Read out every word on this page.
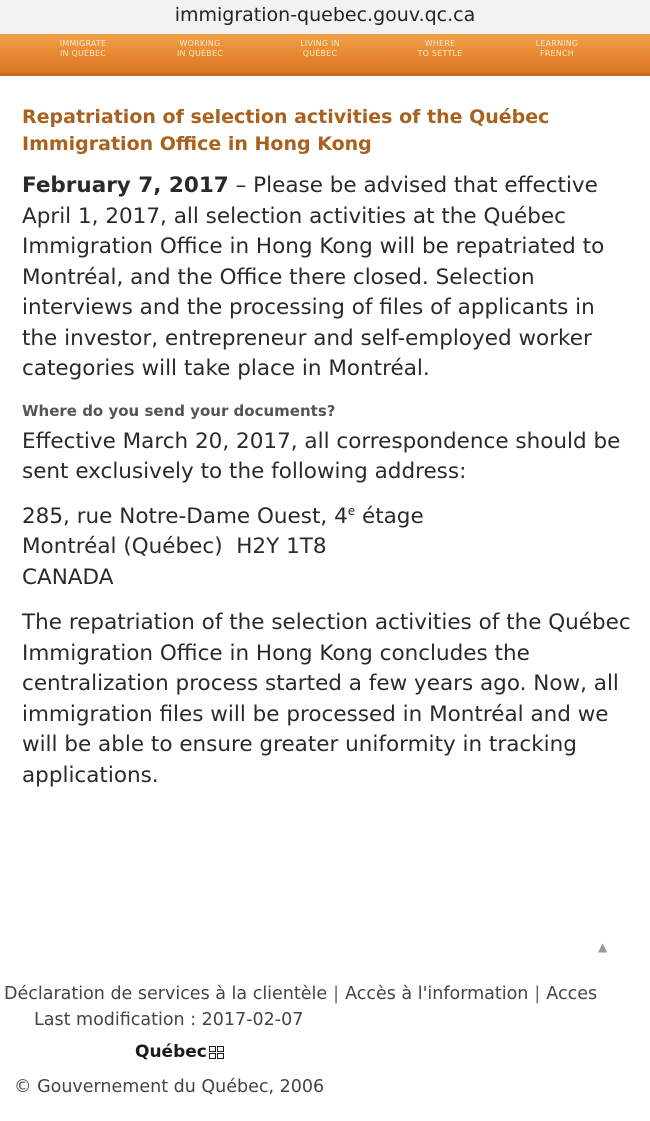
immigration-quebec.gouv.qc.ca
IMMIGRATE
IN QUÉBEC
WORKING
IN QUÉBEC
LIVING IN
QUÉBEC
WHERE
TO SETTLE
LEARNING
FRENCH
Repatriation of selection activities of the Québec Immigration Office in Hong Kong

February 7, 2017 – Please be advised that effective April 1, 2017, all selection activities at the Québec Immigration Office in Hong Kong will be repatriated to Montréal, and the Office there closed. Selection interviews and the processing of files of applicants in the investor, entrepreneur and self-employed worker categories will take place in Montréal.

Where do you send your documents?

Effective March 20, 2017, all correspondence should be sent exclusively to the following address:

285, rue Notre-Dame Ouest, 4e étage
Montréal (Québec)  H2Y 1T8
CANADA

The repatriation of the selection activities of the Québec Immigration Office in Hong Kong concludes the centralization process started a few years ago. Now, all immigration files will be processed in Montréal and we will be able to ensure greater uniformity in tracking applications.

▲
Déclaration de services à la clientèle | Accès à l'information | Acces
Last modification : 2017-02-07
Québec
© Gouvernement du Québec, 2006
